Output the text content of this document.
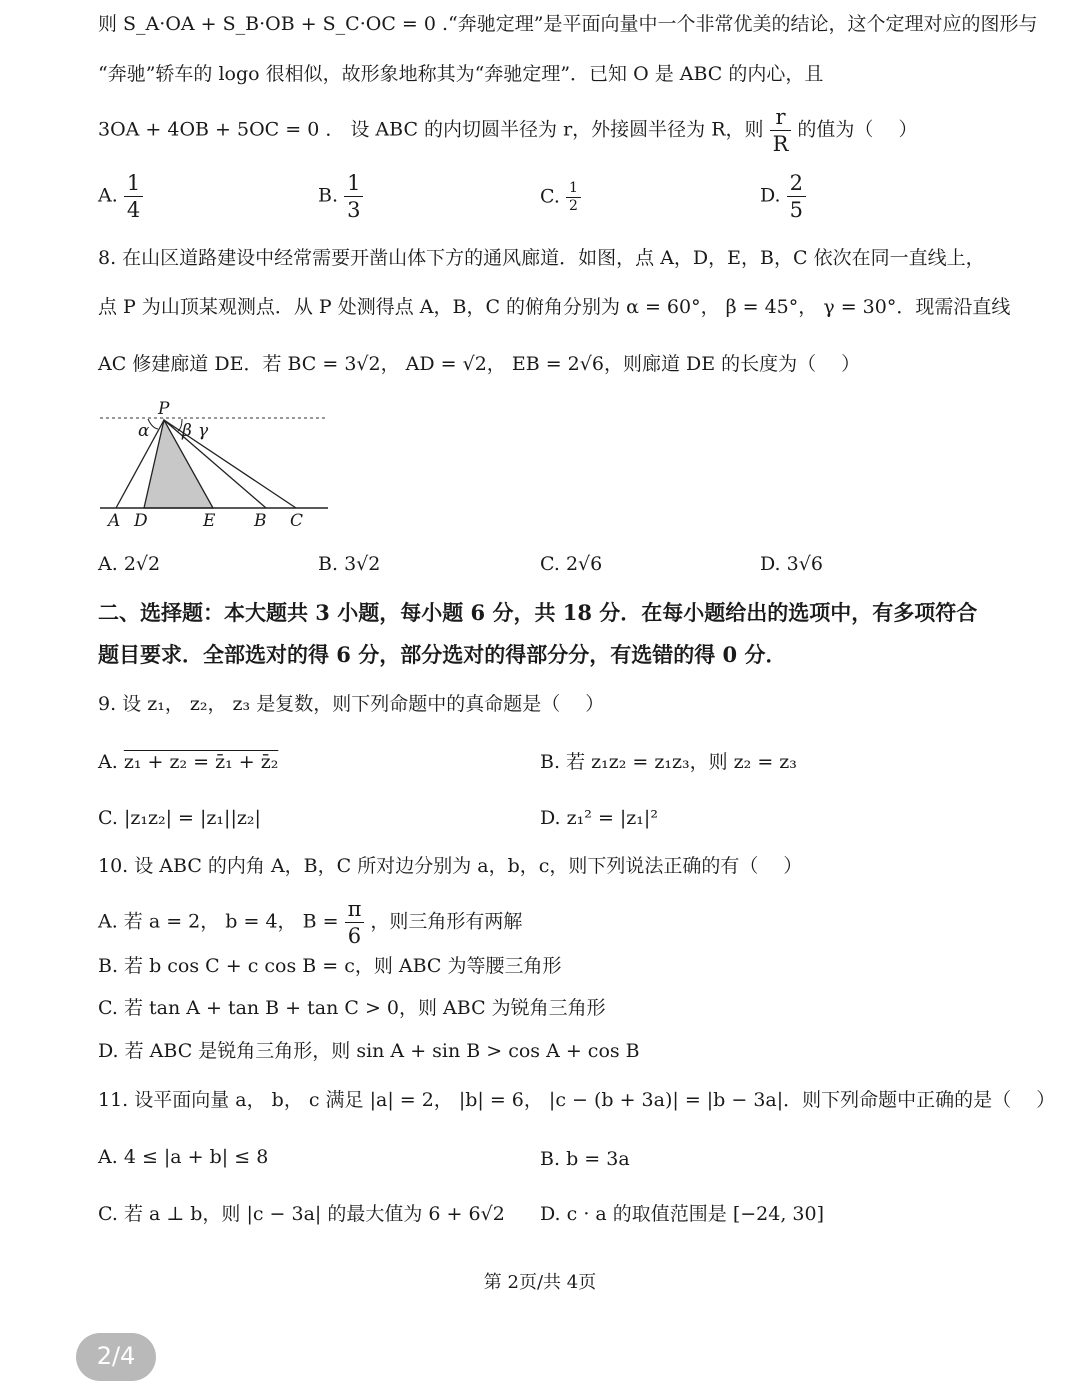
则 S_A·OA + S_B·OB + S_C·OC = 0 .“奔驰定理”是平面向量中一个非常优美的结论，这个定理对应的图形与
“奔驰”轿车的 logo 很相似，故形象地称其为“奔驰定理”．已知 O 是 ABC 的内心，且
3OA + 4OB + 5OC = 0 ． 设 ABC 的内切圆半径为 r，外接圆半径为 R，则 $\frac{r}{R}$ 的值为（　 ）
A. $\frac{1}{4}$	B. $\frac{1}{3}$	C. $\frac{1}{2}$	D. $\frac{2}{5}$
8. 在山区道路建设中经常需要开凿山体下方的通风廊道．如图，点 A，D，E，B，C 依次在同一直线上，
点 P 为山顶某观测点．从 P 处测得点 A，B，C 的俯角分别为 α = 60°， β = 45°， γ = 30°．现需沿直线
AC 修建廊道 DE．若 BC = 3√2， AD = √2， EB = 2√6，则廊道 DE 的长度为（　 ）
P
α β γ
A D	E B C
A. 2√2	B. 3√2	C. 2√6	D. 3√6
二、选择题：本大题共 3 小题，每小题 6 分，共 18 分．在每小题给出的选项中，有多项符合
题目要求．全部选对的得 6 分，部分选对的得部分分，有选错的得 0 分．
9. 设 z₁， z₂， z₃ 是复数，则下列命题中的真命题是（　 ）
A. z₁ + z₂ = z̄₁ + z̄₂	B. 若 z₁z₂ = z₁z₃，则 z₂ = z₃
C. |z₁z₂| = |z₁||z₂|	D. z₁² = |z₁|²
10. 设 ABC 的内角 A，B，C 所对边分别为 a，b，c，则下列说法正确的有（　 ）
A. 若 a = 2， b = 4， $B = \frac{\pi}{6}$ ，则三角形有两解
B. 若 b cos C + c cos B = c，则 ABC 为等腰三角形
C. 若 tan A + tan B + tan C > 0，则 ABC 为锐角三角形
D. 若 ABC 是锐角三角形，则 sin A + sin B > cos A + cos B
11. 设平面向量 a， b， c 满足 |a| = 2， |b| = 6， |c − (b + 3a)| = |b − 3a|．则下列命题中正确的是（　 ）
A. 4 ≤ |a + b| ≤ 8	B. b = 3a
C. 若 a ⊥ b，则 |c − 3a| 的最大值为 6 + 6√2 D. c · a 的取值范围是 [−24, 30]
第 2页/共 4页
2/4
